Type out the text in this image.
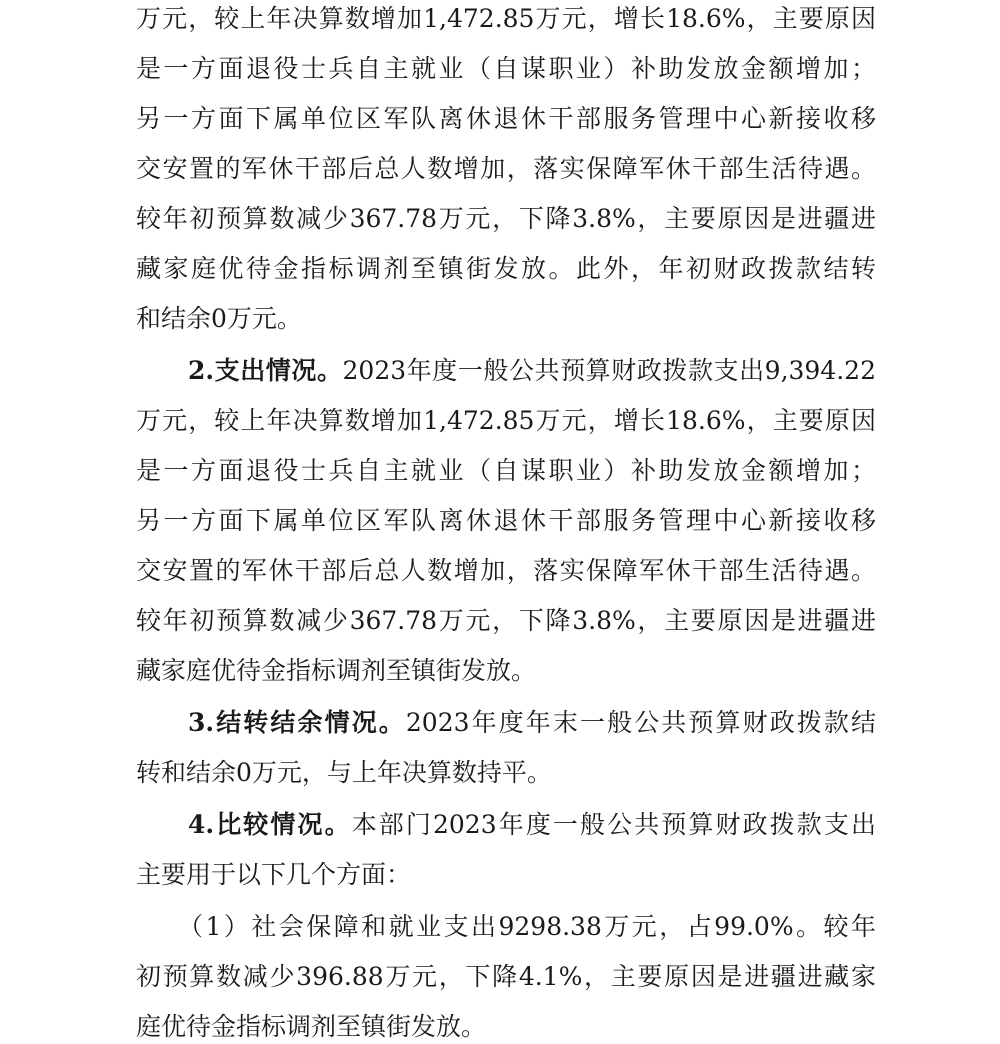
万元，较上年决算数增加1,472.85万元，增长18.6%，主要原因
是一方面退役士兵自主就业（自谋职业）补助发放金额增加；
另一方面下属单位区军队离休退休干部服务管理中心新接收移
交安置的军休干部后总人数增加，落实保障军休干部生活待遇。
较年初预算数减少367.78万元，下降3.8%，主要原因是进疆进
藏家庭优待金指标调剂至镇街发放。此外，年初财政拨款结转
和结余0万元。
2.支出情况。2023年度一般公共预算财政拨款支出9,394.22
万元，较上年决算数增加1,472.85万元，增长18.6%，主要原因
是一方面退役士兵自主就业（自谋职业）补助发放金额增加；
另一方面下属单位区军队离休退休干部服务管理中心新接收移
交安置的军休干部后总人数增加，落实保障军休干部生活待遇。
较年初预算数减少367.78万元，下降3.8%，主要原因是进疆进
藏家庭优待金指标调剂至镇街发放。
3.结转结余情况。2023年度年末一般公共预算财政拨款结
转和结余0万元，与上年决算数持平。
4.比较情况。本部门2023年度一般公共预算财政拨款支出
主要用于以下几个方面：
（1）社会保障和就业支出9298.38万元，占99.0%。较年
初预算数减少396.88万元，下降4.1%，主要原因是进疆进藏家
庭优待金指标调剂至镇街发放。
